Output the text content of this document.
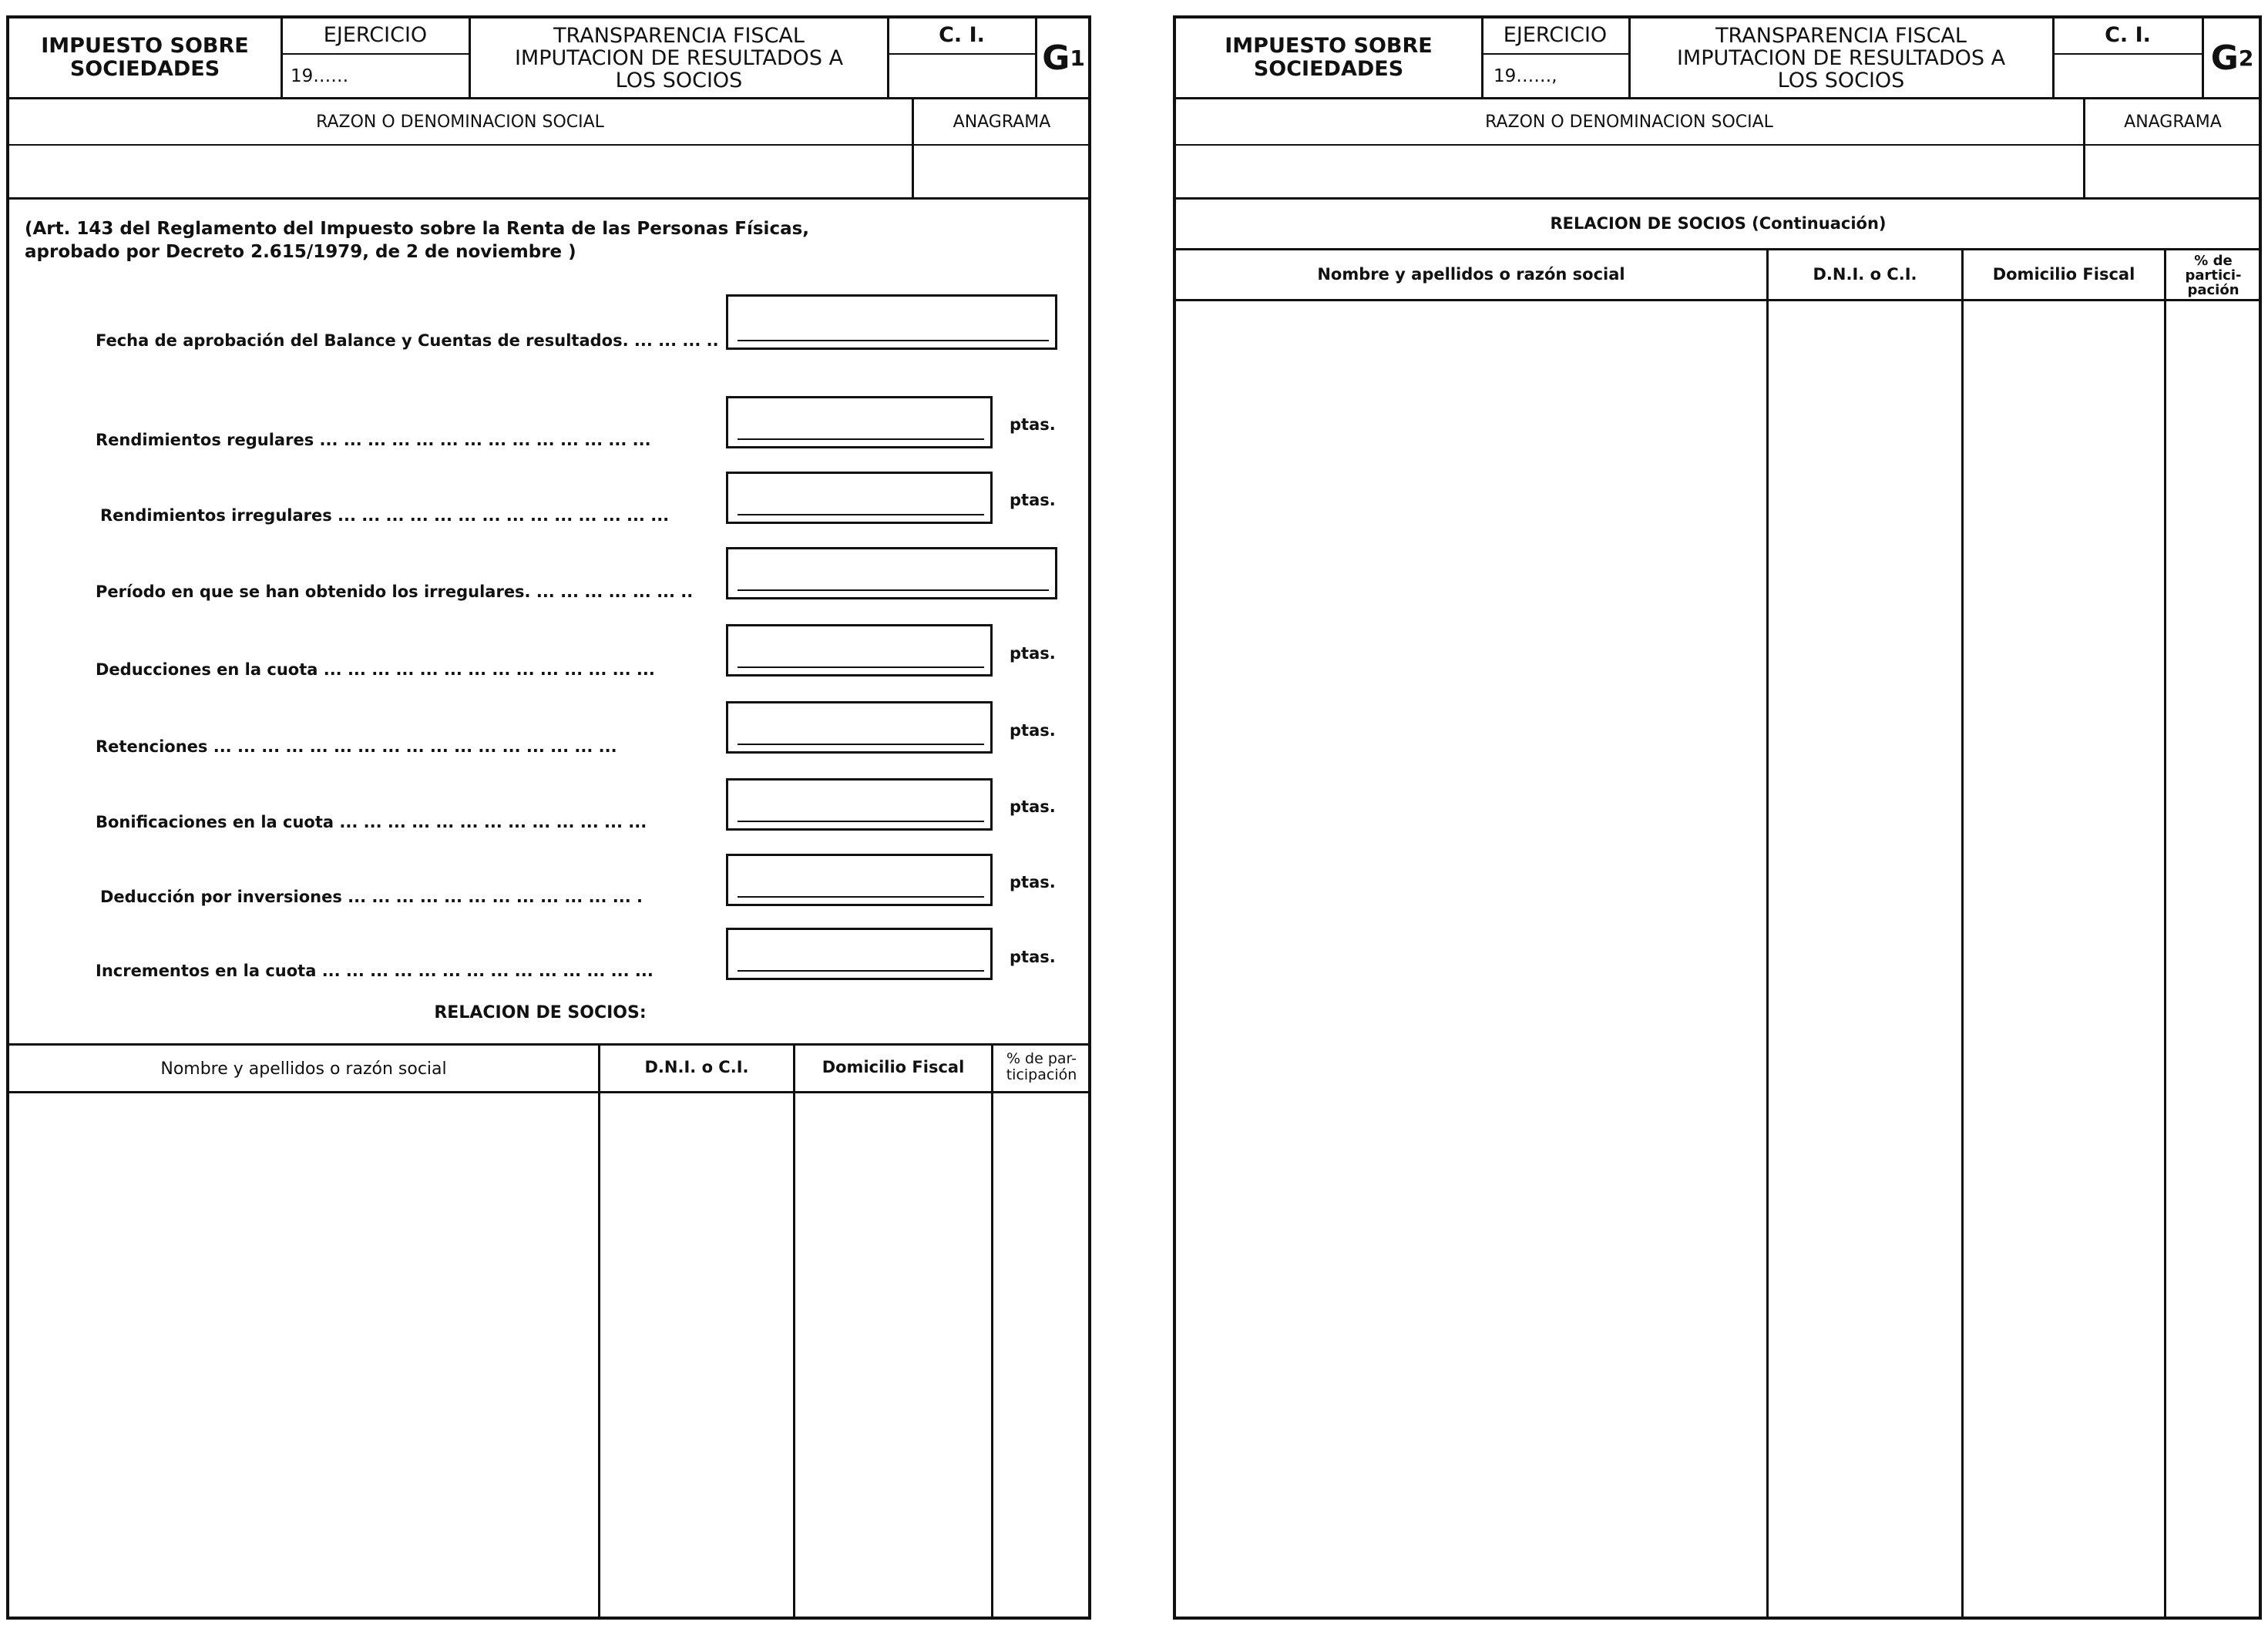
IMPUESTO SOBRE
SOCIEDADES
EJERCICIO
19……
TRANSPARENCIA FISCAL
IMPUTACION DE RESULTADOS A
LOS SOCIOS
C. I.
G 1
RAZON O DENOMINACION SOCIAL	ANAGRAMA
(Art. 143 del Reglamento del Impuesto sobre la Renta de las Personas Físicas,
aprobado por Decreto 2.615/1979, de 2 de noviembre )
Fecha de aprobación del Balance y Cuentas de resultados. ... ... ... ..
Rendimientos regulares ... ... ... ... ... ... ... ... ... ... ... ... ... ...
ptas.
Rendimientos irregulares ... ... ... ... ... ... ... ... ... ... ... ... ... ...
ptas.
Período en que se han obtenido los irregulares. ... ... ... ... ... ... ..
Deducciones en la cuota ... ... ... ... ... ... ... ... ... ... ... ... ... ...
ptas.
Retenciones ... ... ... ... ... ... ... ... ... ... ... ... ... ... ... ... ...
ptas.
Bonificaciones en la cuota ... ... ... ... ... ... ... ... ... ... ... ... ...
ptas.
Deducción por inversiones ... ... ... ... ... ... ... ... ... ... ... ... .
ptas.
Incrementos en la cuota ... ... ... ... ... ... ... ... ... ... ... ... ... ...
ptas.
RELACION DE SOCIOS:
Nombre y apellidos o razón social	D.N.I. o C.I.	Domicilio Fiscal	% de par-
ticipación
IMPUESTO SOBRE
SOCIEDADES
EJERCICIO
19……,
TRANSPARENCIA FISCAL
IMPUTACION DE RESULTADOS A
LOS SOCIOS
C. I.
G 2
RAZON O DENOMINACION SOCIAL	ANAGRAMA
RELACION DE SOCIOS (Continuación)
Nombre y apellidos o razón social	D.N.I. o C.I.	Domicilio Fiscal
% de
partici-
pación
